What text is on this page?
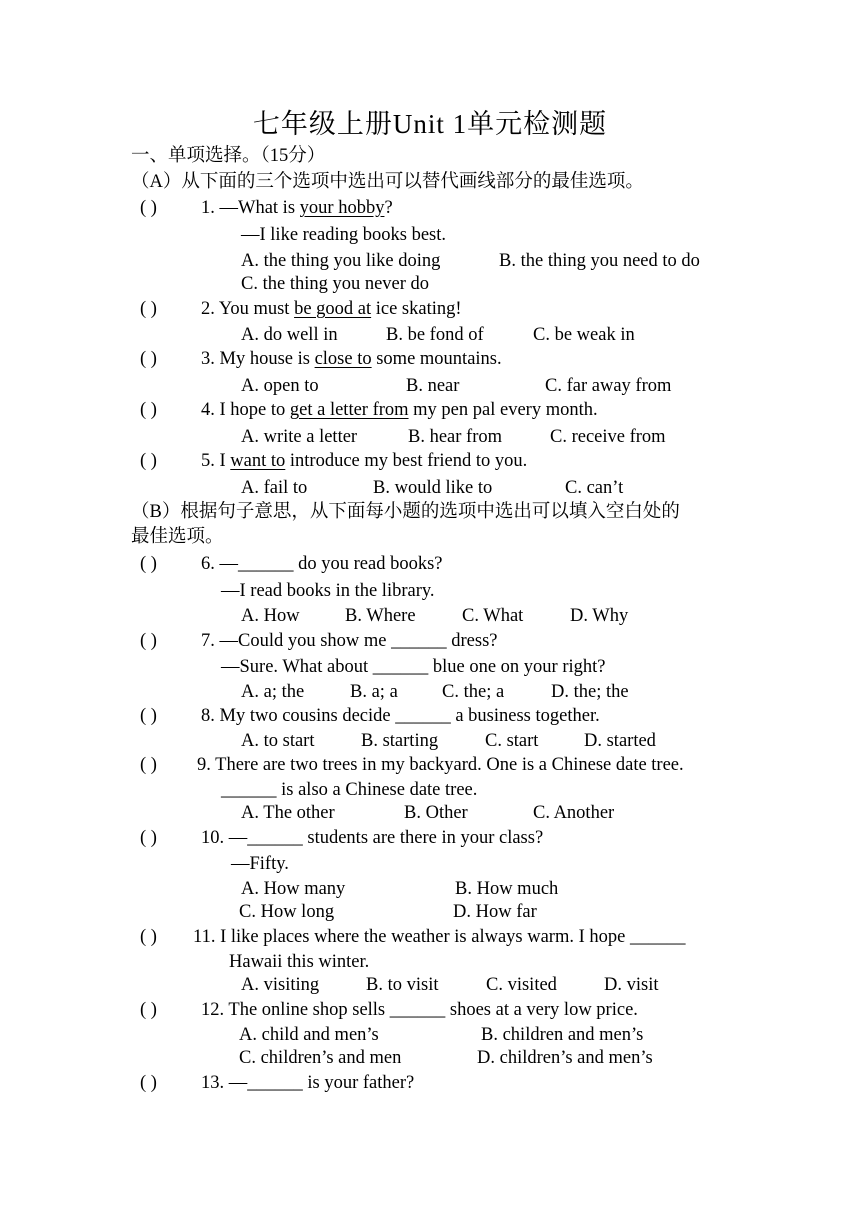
七年级上册Unit 1单元检测题
一、单项选择。（15分）
（A）从下面的三个选项中选出可以替代画线部分的最佳选项。
( ) 1. —What is your hobby?
—I like reading books best.
A. the thing you like doing	B. the thing you need to do
C. the thing you never do
( ) 2. You must be good at ice skating!
A. do well in	B. be fond of	C. be weak in
( ) 3. My house is close to some mountains.
A. open to	B. near	C. far away from
( ) 4. I hope to get a letter from my pen pal every month.
A. write a letter	B. hear from	C. receive from
( ) 5. I want to introduce my best friend to you.
A. fail to	B. would like to	C. can’t
（B）根据句子意思，从下面每小题的选项中选出可以填入空白处的
最佳选项。
( ) 6. —______ do you read books?
—I read books in the library.
A. How B. Where	C. What	D. Why
( ) 7. —Could you show me ______ dress?
—Sure. What about ______ blue one on your right?
A. a; the B. a; a C. the; a	D. the; the
( ) 8. My two cousins decide ______ a business together.
A. to start	B. starting	C. start D. started
( ) 9. There are two trees in my backyard. One is a Chinese date tree.
______ is also a Chinese date tree.
A. The other	B. Other	C. Another
( ) 10. —______ students are there in your class?
—Fifty.
A. How many	B. How much
C. How long	D. How far
( ) 11. I like places where the weather is always warm. I hope ______
Hawaii this winter.
A. visiting	B. to visit	C. visited	D. visit
( ) 12. The online shop sells ______ shoes at a very low price.
A. child and men’s	B. children and men’s
C. children’s and men	D. children’s and men’s
( ) 13. —______ is your father?
